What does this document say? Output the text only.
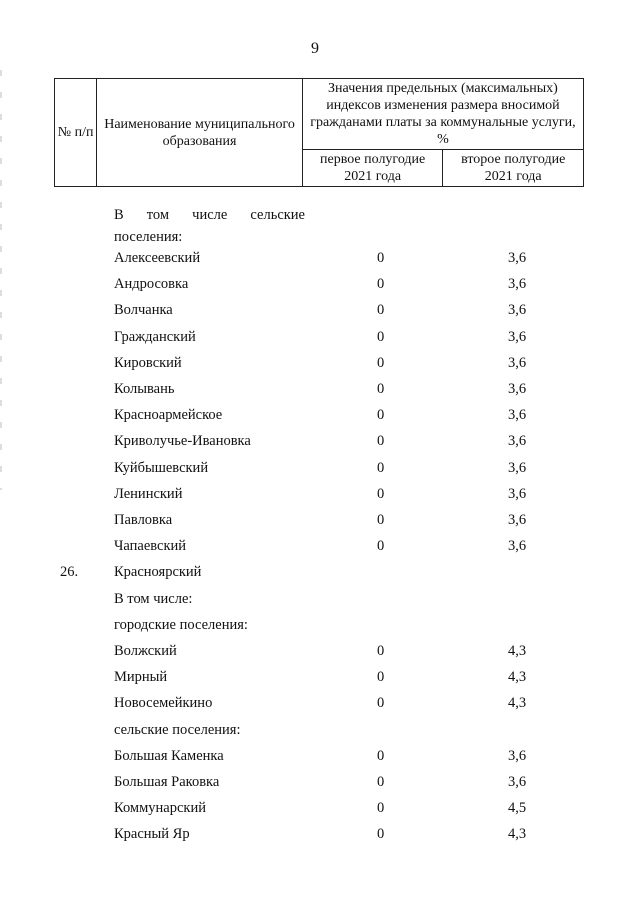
9
№ п/п	Наименование муниципального образования	Значения предельных (максимальных) индексов изменения размера вносимой гражданами платы за коммунальные услуги, %	
		первое полугодие 2021 года	второе полугодие 2021 года
В том числе сельские
поселения:
Алексеевский	0	3,6
Андросовка	0	3,6
Волчанка	0	3,6
Гражданский	0	3,6
Кировский	0	3,6
Колывань	0	3,6
Красноармейское	0	3,6
Криволучье-Ивановка	0	3,6
Куйбышевский	0	3,6
Ленинский	0	3,6
Павловка	0	3,6
Чапаевский	0	3,6
26. Красноярский
В том числе:
городские поселения:
Волжский	0	4,3
Мирный	0	4,3
Новосемейкино	0	4,3
сельские поселения:
Большая Каменка	0	3,6
Большая Раковка	0	3,6
Коммунарский	0	4,5
Красный Яр	0	4,3
